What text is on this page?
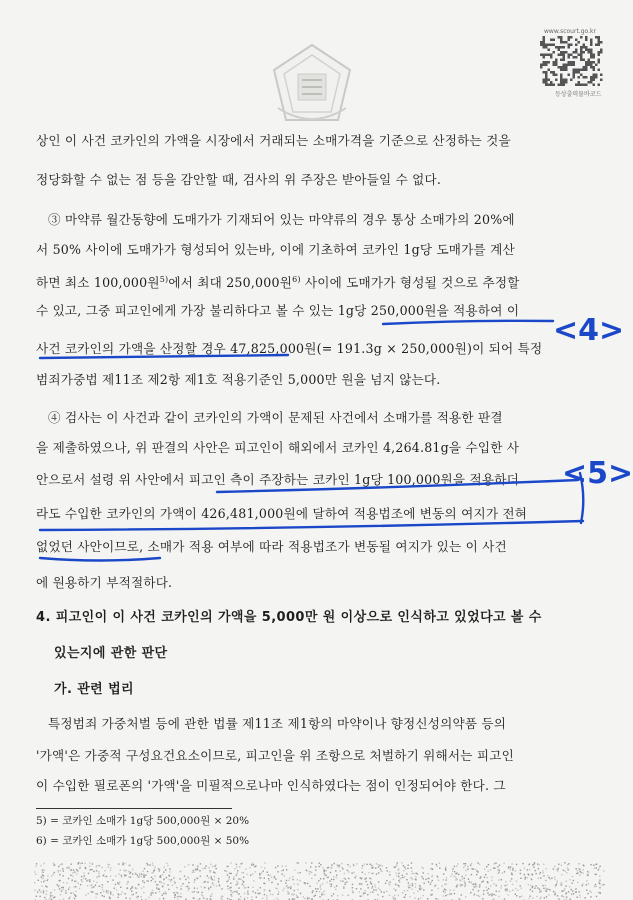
www.scourt.go.kr
등상출력물바코드
상인 이 사건 코카인의 가액을 시장에서 거래되는 소매가격을 기준으로 산정하는 것을
정당화할 수 없는 점 등을 감안할 때, 검사의 위 주장은 받아들일 수 없다.
③ 마약류 월간동향에 도매가가 기재되어 있는 마약류의 경우 통상 소매가의 20%에
서 50% 사이에 도매가가 형성되어 있는바, 이에 기초하여 코카인 1g당 도매가를 계산
하면 최소 100,000원$^{5)}$에서 최대 250,000원$^{6)}$ 사이에 도매가가 형성될 것으로 추정할
수 있고, 그중 피고인에게 가장 불리하다고 볼 수 있는 1g당 250,000원을 적용하여 이
사건 코카인의 가액을 산정할 경우 47,825,000원(= 191.3g × 250,000원)이 되어 특정
범죄가중법 제11조 제2항 제1호 적용기준인 5,000만 원을 넘지 않는다.
④ 검사는 이 사건과 같이 코카인의 가액이 문제된 사건에서 소매가를 적용한 판결
을 제출하였으나, 위 판결의 사안은 피고인이 해외에서 코카인 4,264.81g을 수입한 사
안으로서 설령 위 사안에서 피고인 측이 주장하는 코카인 1g당 100,000원을 적용하더
라도 수입한 코카인의 가액이 426,481,000원에 달하여 적용법조에 변동의 여지가 전혀
없었던 사안이므로, 소매가 적용 여부에 따라 적용법조가 변동될 여지가 있는 이 사건
에 원용하기 부적절하다.
4. 피고인이 이 사건 코카인의 가액을 5,000만 원 이상으로 인식하고 있었다고 볼 수
있는지에 관한 판단
가. 관련 법리
특정범죄 가중처벌 등에 관한 법률 제11조 제1항의 마약이나 향정신성의약품 등의
'가액'은 가중적 구성요건요소이므로, 피고인을 위 조항으로 처벌하기 위해서는 피고인
이 수입한 필로폰의 '가액'을 미필적으로나마 인식하였다는 점이 인정되어야 한다. 그
5) = 코카인 소매가 1g당 500,000원 × 20%
6) = 코카인 소매가 1g당 500,000원 × 50%
<4>
<5>
